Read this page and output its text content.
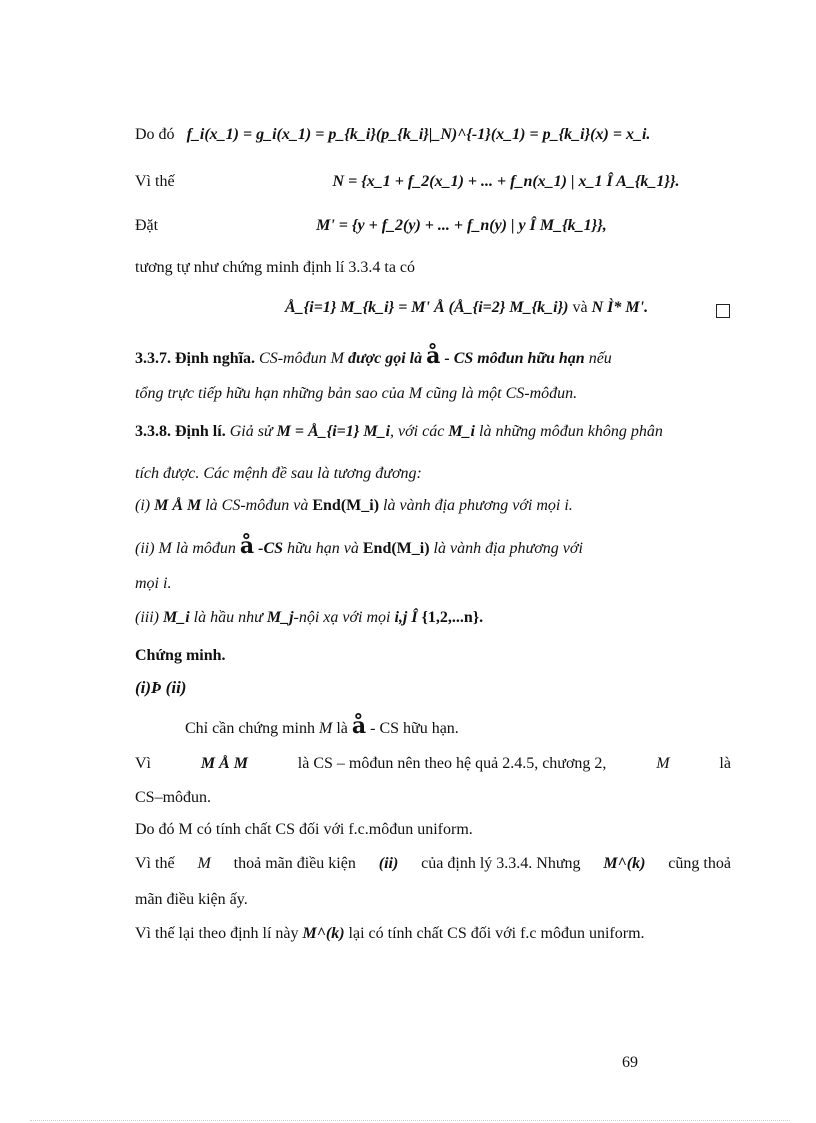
Do đó f_i(x_1) = g_i(x_1) = p_{k_i}(p_{k_i}|_N)^{-1}(x_1) = p_{k_i}(x) = x_i.
Vì thế	N = {x_1 + f_2(x_1) + ... + f_n(x_1) | x_1 Î A_{k_1}}.
Đặt	M' = {y + f_2(y) + ... + f_n(y) | y Î M_{k_1}},
tương tự như chứng minh định lí 3.3.4 ta có
Å_{i=1} M_{k_i} = M' Å (Å_{i=2} M_{k_i}) và N Ì* M'.
3.3.7. Định nghĩa. CS-môđun M được gọi là å - CS môđun hữu hạn nếu
tổng trực tiếp hữu hạn những bản sao của M cũng là một CS-môđun.
3.3.8. Định lí. Giả sử M = Å_{i=1} M_i, với các M_i là những môđun không phân
tích được. Các mệnh đề sau là tương đương:
(i) M Å M là CS-môđun và End(M_i) là vành địa phương với mọi i.
(ii) M là môđun å -CS hữu hạn và End(M_i) là vành địa phương với
mọi i.
(iii) M_i là hầu như M_j-nội xạ với mọi i,j Î {1,2,...n}.
Chứng minh.
(i)Þ (ii)
Chỉ cần chứng minh M là å - CS hữu hạn.
Vì	M Å M	là CS – môđun nên theo hệ quả 2.4.5, chương 2,	M	là
CS–môđun.
Do đó M có tính chất CS đối với f.c.môđun uniform.
Vì thế M thoả mãn điều kiện (ii) của định lý 3.3.4. Nhưng M^(k) cũng thoả
mãn điều kiện ấy.
Vì thế lại theo định lí này M^(k) lại có tính chất CS đối với f.c môđun uniform.
69
